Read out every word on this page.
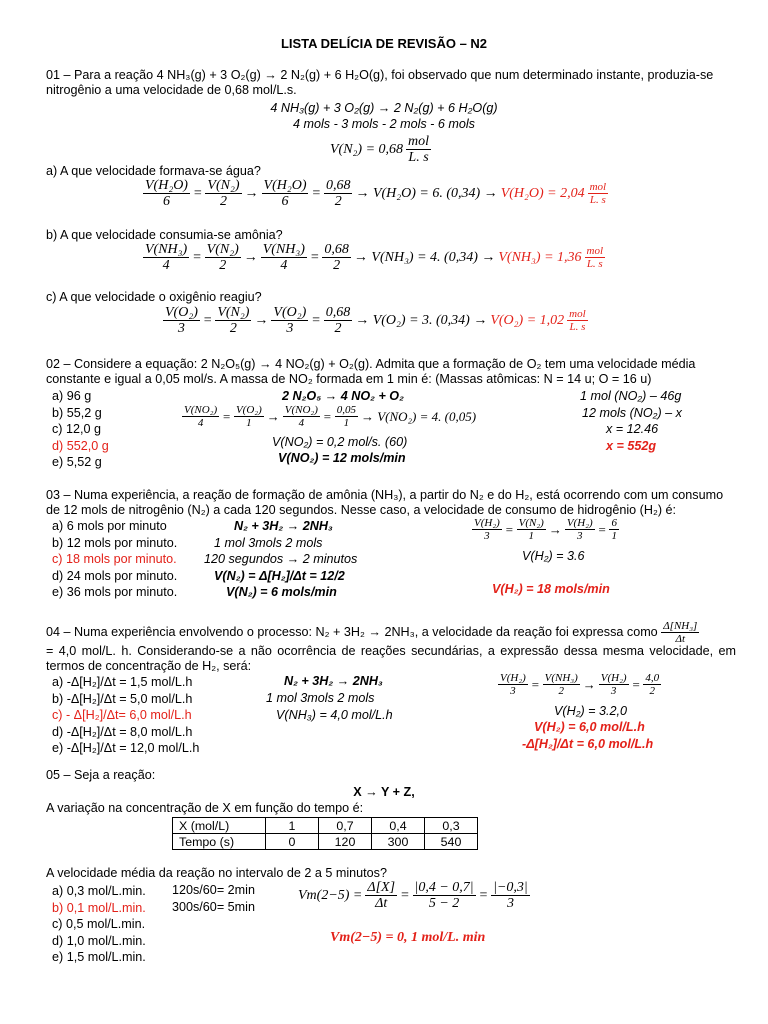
LISTA DELÍCIA DE REVISÃO – N2
01 – Para a reação 4 NH₃(g) + 3 O₂(g) → 2 N₂(g) + 6 H₂O(g), foi observado que num determinado instante, produzia-se nitrogênio a uma velocidade de 0,68 mol/L.s.
4 NH₃(g) + 3 O₂(g) → 2 N₂(g) + 6 H₂O(g)
4 mols - 3 mols - 2 mols - 6 mols
$V(N_2) = 0,68 \frac{\text{mol}}{L. s}$
a) A que velocidade formava-se água?
$\frac{\text{V(H₂O)}}{6} = \frac{\text{V(N₂)}}{2} \to \frac{\text{V(H₂O)}}{6} = \frac{0,68}{2} \to V(H_2O) = 6$. $(0,34) \to V(H_2O) = 2,04 \frac{\text{mol}}{L. s}$
b) A que velocidade consumia-se amônia?
$\frac{\text{V(NH₃)}}{4} = \frac{\text{V(N₂)}}{2} \to \frac{\text{V(NH₃)}}{4} = \frac{0,68}{2} \to V(NH_3) = 4$. $(0,34) \to V(NH_3) = 1,36 \frac{\text{mol}}{L. s}$
c) A que velocidade o oxigênio reagiu?
$\frac{\text{V(O₂)}}{3} = \frac{\text{V(N₂)}}{2} \to \frac{\text{V(O₂)}}{3} = \frac{0,68}{2} \to V(O_2) = 3$. $(0,34) \to V(O_2) = 1,02 \frac{\text{mol}}{L. s}$
02 – Considere a equação: 2 N₂O₅(g) → 4 NO₂(g) + O₂(g). Admita que a formação de O₂ tem uma velocidade média constante e igual a 0,05 mol/s. A massa de NO₂ formada em 1 min é: (Massas atômicas: N = 14 u; O = 16 u)
a) 96 g
b) 55,2 g
c) 12,0 g
d) 552,0 g
e) 5,52 g
2 N₂O₅ → 4 NO₂ + O₂
$\frac{\text{V(NO₂)}}{4} = \frac{\text{V(O₂)}}{1} \to \frac{\text{V(NO₂)}}{4} = \frac{0,05}{1} \to V(NO_2) = 4$. (0,05)
V(NO₂) = 0,2 mol/s. (60)
V(NO₂) = 12 mols/min
1 mol (NO₂) – 46g
12 mols (NO₂) – x
x = 12.46
x = 552g
03 – Numa experiência, a reação de formação de amônia (NH₃), a partir do N₂ e do H₂, está ocorrendo com um consumo de 12 mols de nitrogênio (N₂) a cada 120 segundos. Nesse caso, a velocidade de consumo de hidrogênio (H₂) é:
a) 6 mols por minuto
b) 12 mols por minuto.
c) 18 mols por minuto.
d) 24 mols por minuto.
e) 36 mols por minuto.
N₂ + 3H₂ → 2NH₃
1 mol 3mols 2 mols
120 segundos → 2 minutos
V(N₂) = Δ[H₂]/Δt = 12/2
V(N₂) = 6 mols/min
$\frac{\text{V(H₂)}}{3} = \frac{\text{V(N₂)}}{1} \to \frac{\text{V(H₂)}}{3} = \frac{6}{1}$
V(H₂) = 3.6
V(H₂) = 18 mols/min
04 – Numa experiência envolvendo o processo: N₂ + 3H₂ → 2NH₃, a velocidade da reação foi expressa como $\frac{\text{Δ[NH₃]}}{\Delta t}$
= 4,0 mol/L. h. Considerando-se a não ocorrência de reações secundárias, a expressão dessa mesma velocidade, em termos de concentração de H₂, será:
a) -Δ[H₂]/Δt = 1,5 mol/L.h
b) -Δ[H₂]/Δt = 5,0 mol/L.h
c) - Δ[H₂]/Δt= 6,0 mol/L.h
d) -Δ[H₂]/Δt = 8,0 mol/L.h
e) -Δ[H₂]/Δt = 12,0 mol/L.h
N₂ + 3H₂ → 2NH₃
1 mol 3mols 2 mols
V(NH₃) = 4,0 mol/L.h
$\frac{\text{V(H₂)}}{3} = \frac{\text{V(NH₃)}}{2} \to \frac{\text{V(H₂)}}{3} = \frac{4,0}{2}$
V(H₂) = 3.2,0
V(H₂) = 6,0 mol/L.h
-Δ[H₂]/Δt = 6,0 mol/L.h
05 – Seja a reação:
X → Y + Z,
A variação na concentração de X em função do tempo é:
X (mol/L)	1	0,7	0,4	0,3
Tempo (s)	0	120	300	540
A velocidade média da reação no intervalo de 2 a 5 minutos?
a) 0,3 mol/L.min.
b) 0,1 mol/L.min.
c) 0,5 mol/L.min.
d) 1,0 mol/L.min.
e) 1,5 mol/L.min.
120s/60= 2min
300s/60= 5min
$Vm(2-5) = \frac{\Delta[X]}{\Delta t} = \frac{|0,4 - 0,7|}{5 - 2} = \frac{|-0,3|}{3}$
Vm(2−5) = 0, 1 mol/L. min
